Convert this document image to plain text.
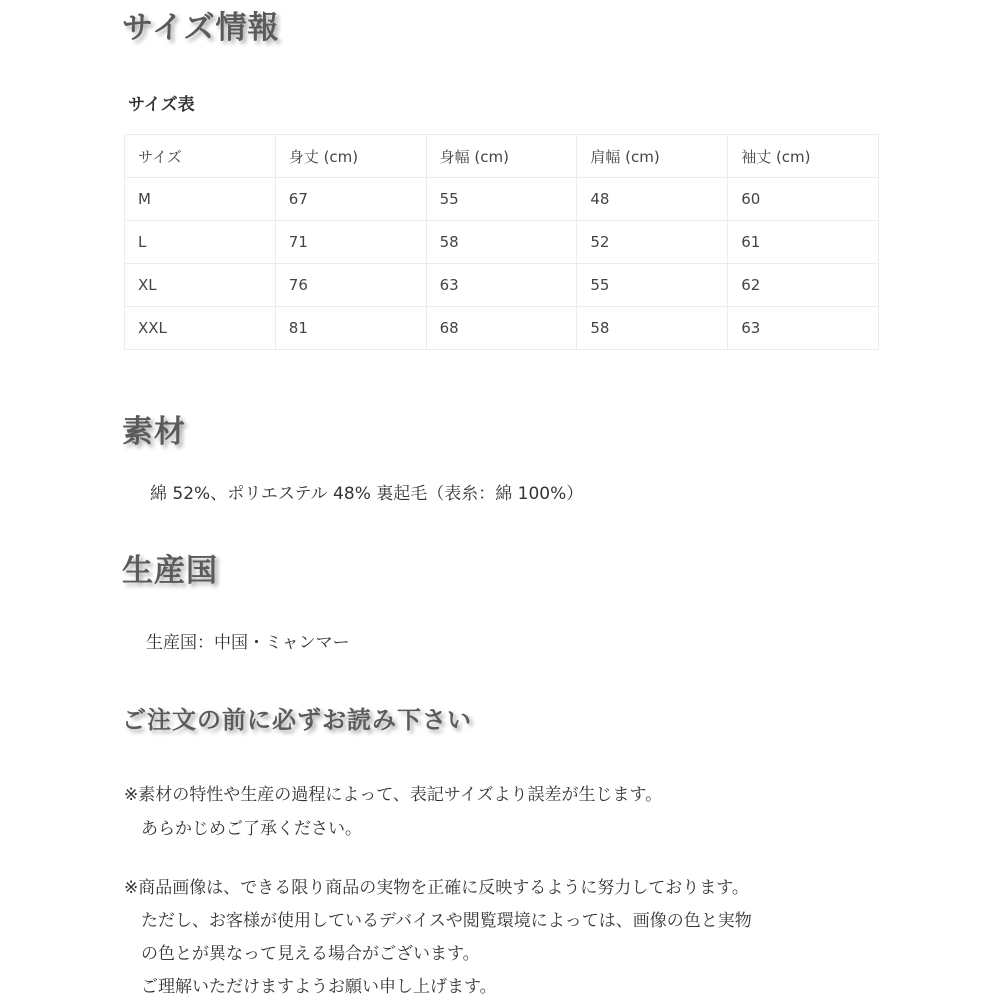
サイズ情報
サイズ表
サイズ	身丈 (cm)	身幅 (cm)	肩幅 (cm)	袖丈 (cm)
M	67	55	48	60
L	71	58	52	61
XL	76	63	55	62
XXL	81	68	58	63
素材

綿 52%、ポリエステル 48% 裏起毛（表糸：綿 100%）

生産国

生産国：中国・ミャンマー

ご注文の前に必ずお読み下さい

※素材の特性や生産の過程によって、表記サイズより誤差が生じます。

　あらかじめご了承ください。

※商品画像は、できる限り商品の実物を正確に反映するように努力しております。

　ただし、お客様が使用しているデバイスや閲覧環境によっては、画像の色と実物

　の色とが異なって見える場合がございます。

　ご理解いただけますようお願い申し上げます。
